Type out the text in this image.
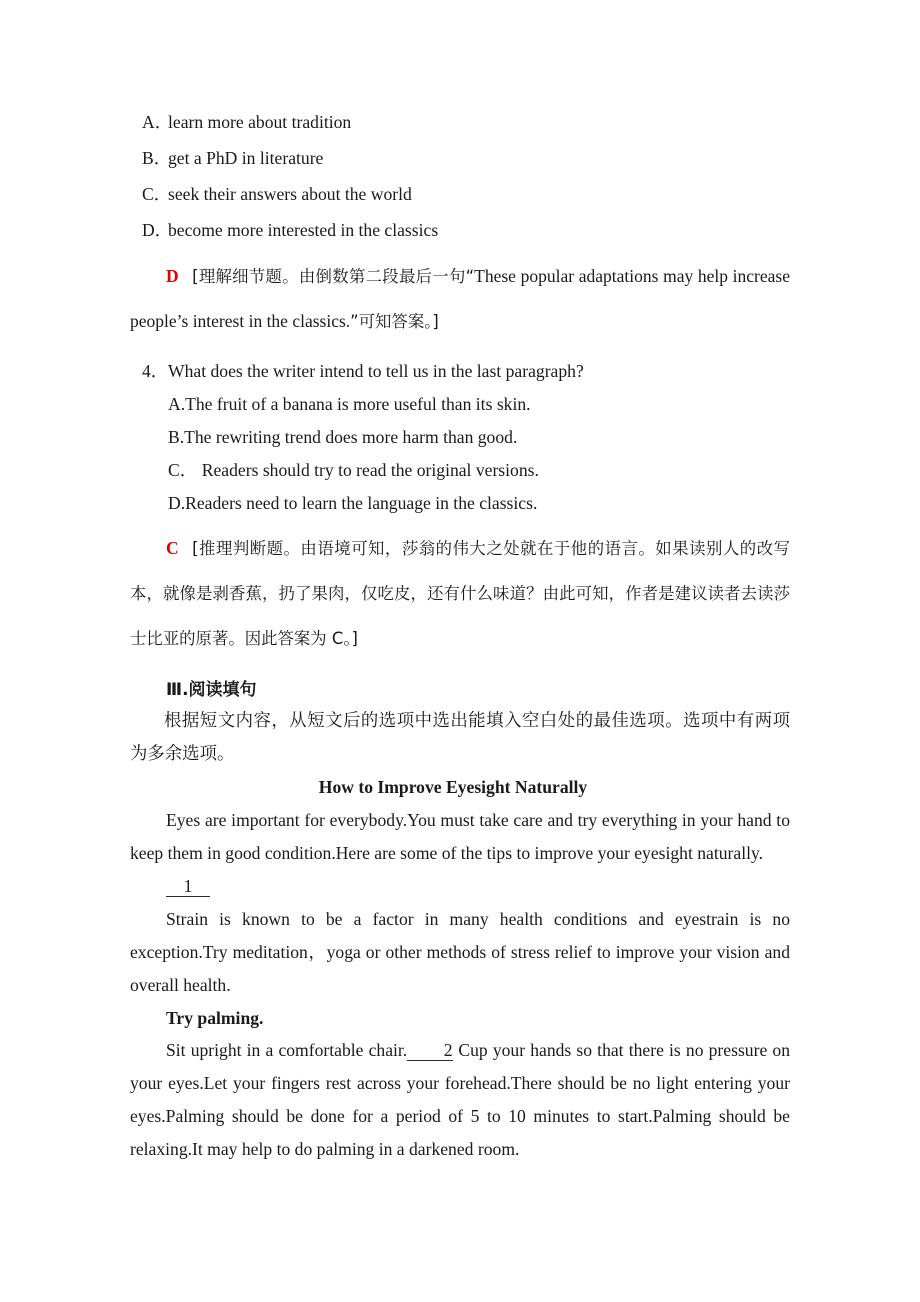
A．learn more about tradition
B．get a PhD in literature
C．seek their answers about the world
D．become more interested in the classics

D [理解细节题。由倒数第二段最后一句“These popular adaptations may help increase people’s interest in the classics.”可知答案。]

4．What does the writer intend to tell us in the last paragraph?
A.The fruit of a banana is more useful than its skin.
B.The rewriting trend does more harm than good.
C． Readers should try to read the original versions.
D.Readers need to learn the language in the classics.

C [推理判断题。由语境可知，莎翁的伟大之处就在于他的语言。如果读别人的改写本，就像是剥香蕉，扔了果肉，仅吃皮，还有什么味道？由此可知，作者是建议读者去读莎士比亚的原著。因此答案为 C。]

Ⅲ.阅读填句

根据短文内容，从短文后的选项中选出能填入空白处的最佳选项。选项中有两项为多余选项。

How to Improve Eyesight Naturally

Eyes are important for everybody.You must take care and try everything in your hand to keep them in good condition.Here are some of the tips to improve your eyesight naturally.

1

Strain is known to be a factor in many health conditions and eyestrain is no exception.Try meditation，yoga or other methods of stress relief to improve your vision and overall health.

Try palming.

Sit upright in a comfortable chair. 2 Cup your hands so that there is no pressure on your eyes.Let your fingers rest across your forehead.There should be no light entering your eyes.Palming should be done for a period of 5 to 10 minutes to start.Palming should be relaxing.It may help to do palming in a darkened room.
